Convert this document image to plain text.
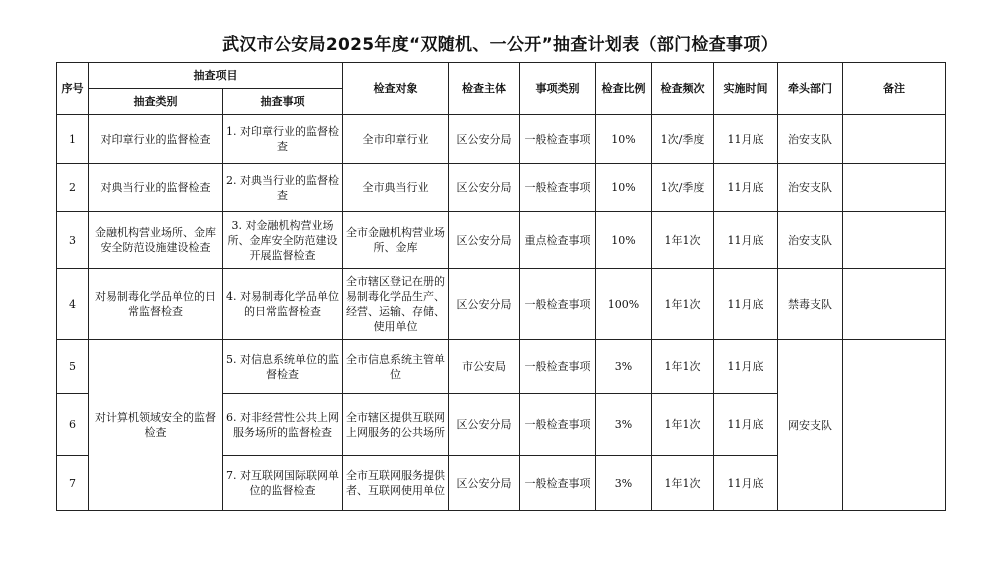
武汉市公安局2025年度“双随机、一公开”抽查计划表（部门检查事项）
序号	抽查项目		检查对象	检查主体	事项类别	检查比例	检查频次	实施时间	牵头部门	备注
	抽查类别	抽查事项								
1	对印章行业的监督检查	1. 对印章行业的监督检查	全市印章行业	区公安分局	一般检查事项	10%	1次/季度	11月底	治安支队	
2	对典当行业的监督检查	2. 对典当行业的监督检查	全市典当行业	区公安分局	一般检查事项	10%	1次/季度	11月底	治安支队	
3	金融机构营业场所、金库安全防范设施建设检查	3. 对金融机构营业场所、金库安全防范建设开展监督检查	全市金融机构营业场所、金库	区公安分局	重点检查事项	10%	1年1次	11月底	治安支队	
4	对易制毒化学品单位的日常监督检查	4. 对易制毒化学品单位的日常监督检查	全市辖区登记在册的易制毒化学品生产、经营、运输、存储、使用单位	区公安分局	一般检查事项	100%	1年1次	11月底	禁毒支队	
5	对计算机领域安全的监督检查	5. 对信息系统单位的监督检查	全市信息系统主管单位	市公安局	一般检查事项	3%	1年1次	11月底	网安支队	
6		6. 对非经营性公共上网服务场所的监督检查	全市辖区提供互联网上网服务的公共场所	区公安分局	一般检查事项	3%	1年1次	11月底		
7		7. 对互联网国际联网单位的监督检查	全市互联网服务提供者、互联网使用单位	区公安分局	一般检查事项	3%	1年1次	11月底		
